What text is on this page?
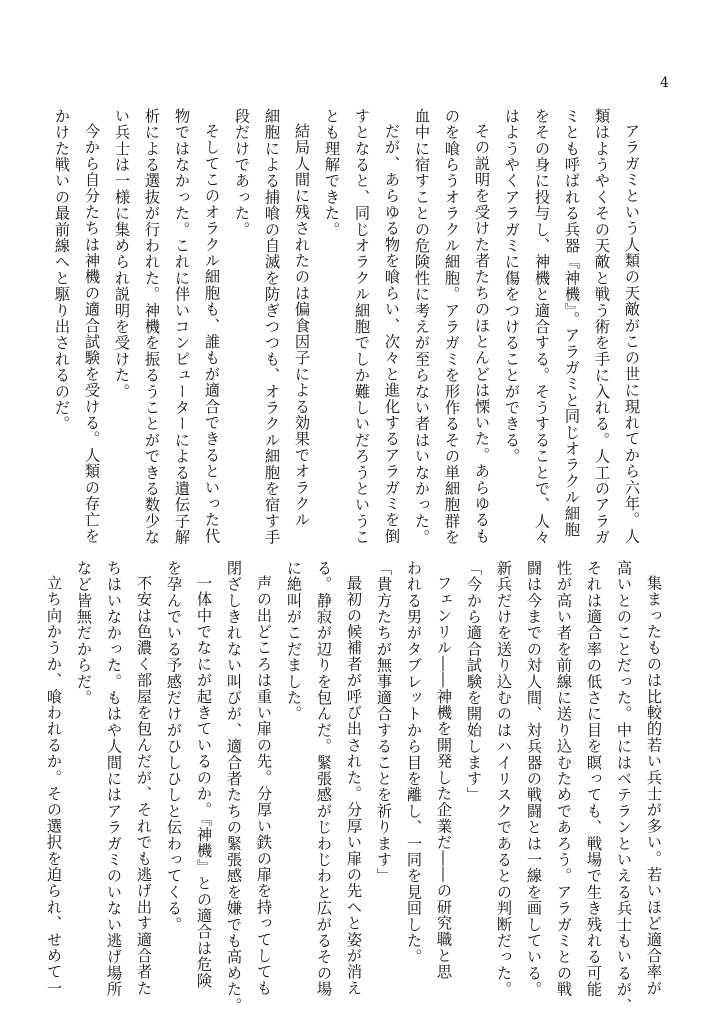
4
アラガミという人類の天敵がこの世に現れてから六年。人
類はようやくその天敵と戦う術を手に入れる。人工のアラガ
ミとも呼ばれる兵器『神機』。アラガミと同じオラクル細胞
をその身に投与し、神機と適合する。そうすることで、人々
はようやくアラガミに傷をつけることができる。
その説明を受けた者たちのほとんどは慄いた。あらゆるも
のを喰らうオラクル細胞。アラガミを形作るその単細胞群を
血中に宿すことの危険性に考えが至らない者はいなかった。
だが、あらゆる物を喰らい、次々と進化するアラガミを倒
すとなると、同じオラクル細胞でしか難しいだろうというこ
とも理解できた。
結局人間に残されたのは偏食因子による効果でオラクル
細胞による捕喰の自滅を防ぎつつも、オラクル細胞を宿す手
段だけであった。
そしてこのオラクル細胞も、誰もが適合できるといった代
物ではなかった。これに伴いコンピューターによる遺伝子解
析による選抜が行われた。神機を振るうことができる数少な
い兵士は一様に集められ説明を受けた。
今から自分たちは神機の適合試験を受ける。人類の存亡を
かけた戦いの最前線へと駆り出されるのだ。
集まったものは比較的若い兵士が多い。若いほど適合率が
高いとのことだった。中にはベテランといえる兵士もいるが、
それは適合率の低さに目を瞑っても、戦場で生き残れる可能
性が高い者を前線に送り込むためであろう。アラガミとの戦
闘は今までの対人間、対兵器の戦闘とは一線を画している。
新兵だけを送り込むのはハイリスクであるとの判断だった。
「今から適合試験を開始します」
フェンリル――神機を開発した企業だ――の研究職と思
われる男がタブレットから目を離し、一同を見回した。
「貴方たちが無事適合することを祈ります」
最初の候補者が呼び出された。分厚い扉の先へと姿が消え
る。静寂が辺りを包んだ。緊張感がじわじわと広がるその場
に絶叫がこだました。
声の出どころは重い扉の先。分厚い鉄の扉を持ってしても
閉ざしきれない叫びが、適合者たちの緊張感を嫌でも高めた。
一体中でなにが起きているのか。『神機』との適合は危険
を孕んでいる予感だけがひしひしと伝わってくる。
不安は色濃く部屋を包んだが、それでも逃げ出す適合者た
ちはいなかった。もはや人間にはアラガミのいない逃げ場所
など皆無だからだ。
立ち向かうか、喰われるか。その選択を迫られ、せめて一
